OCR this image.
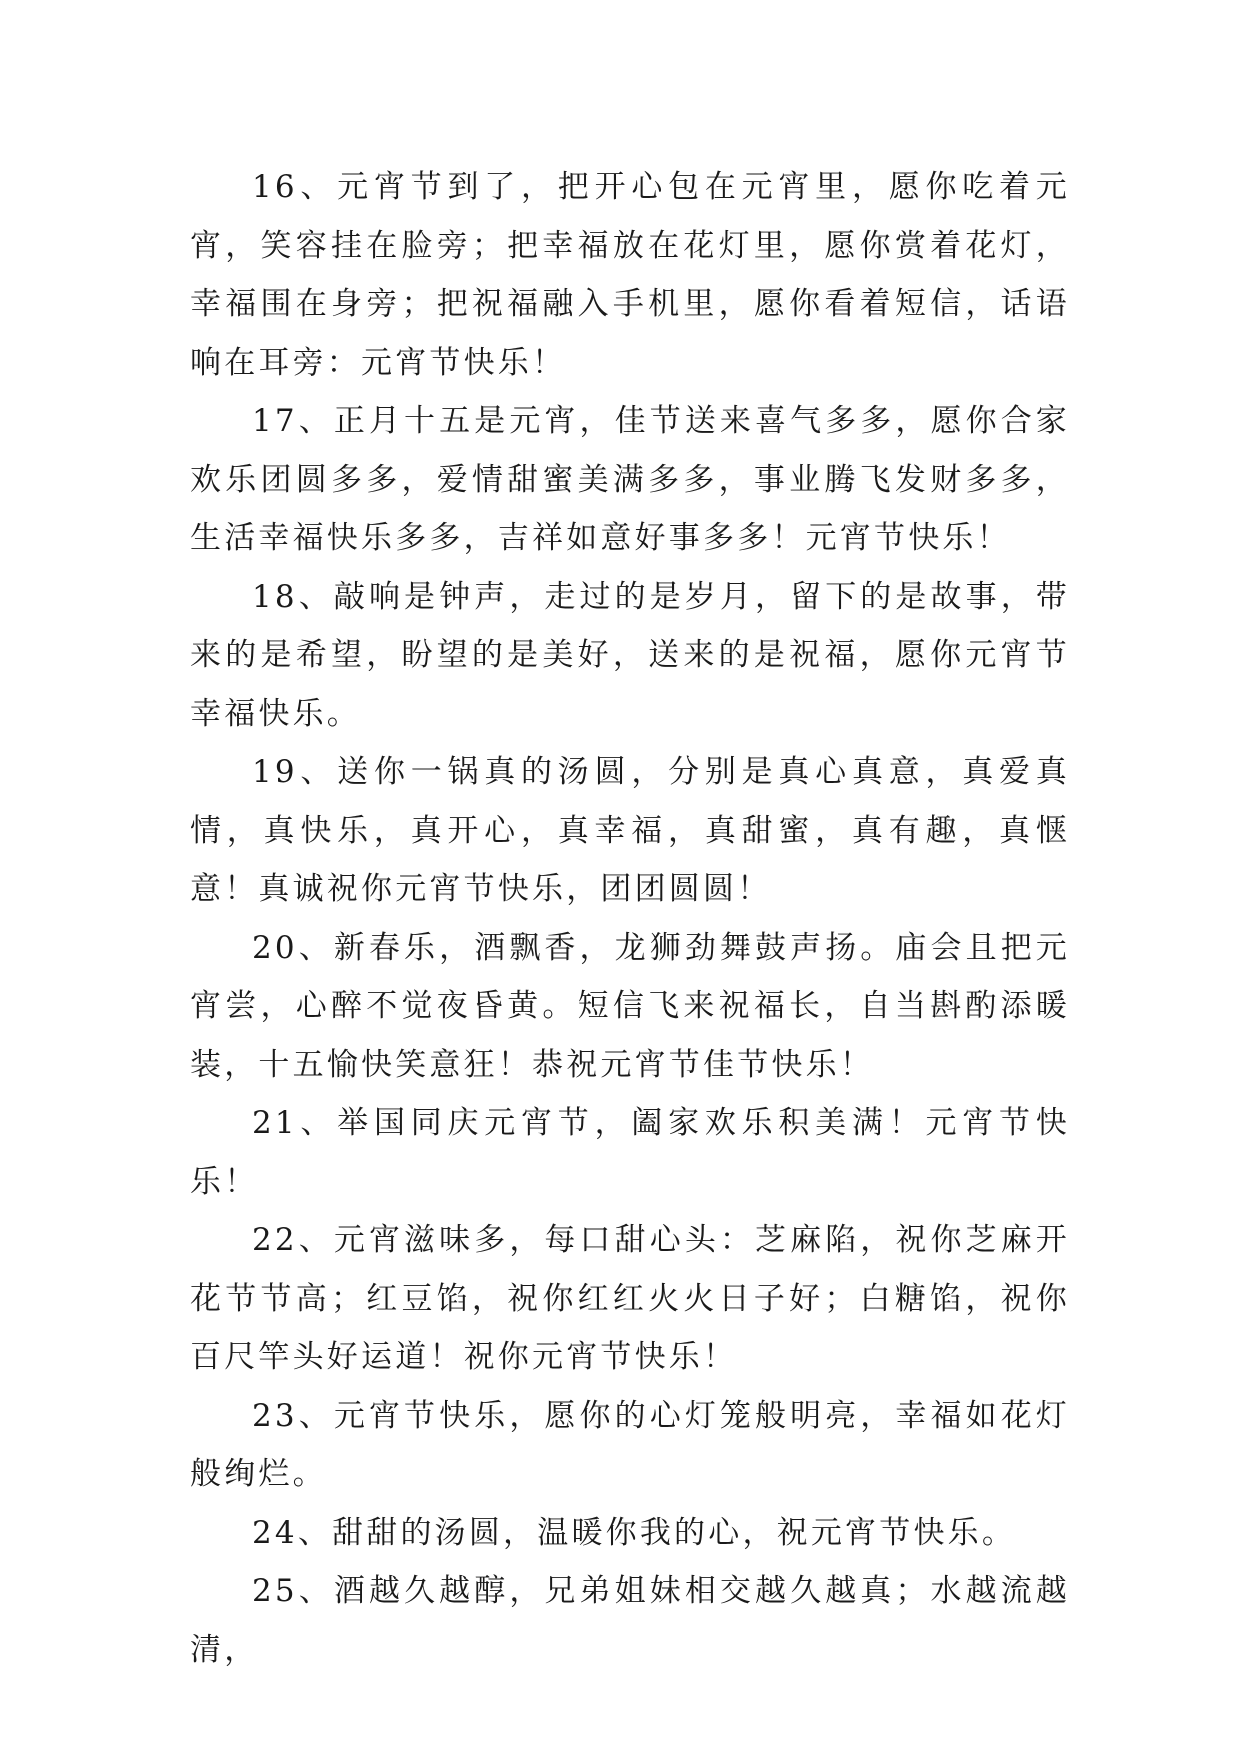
16、元宵节到了，把开心包在元宵里，愿你吃着元宵，笑容挂在脸旁；把幸福放在花灯里，愿你赏着花灯，幸福围在身旁；把祝福融入手机里，愿你看着短信，话语响在耳旁：元宵节快乐！

17、正月十五是元宵，佳节送来喜气多多，愿你合家欢乐团圆多多，爱情甜蜜美满多多，事业腾飞发财多多，生活幸福快乐多多，吉祥如意好事多多！元宵节快乐！

18、敲响是钟声，走过的是岁月，留下的是故事，带来的是希望，盼望的是美好，送来的是祝福，愿你元宵节幸福快乐。

19、送你一锅真的汤圆，分别是真心真意，真爱真情，真快乐，真开心，真幸福，真甜蜜，真有趣，真惬意！真诚祝你元宵节快乐，团团圆圆！

20、新春乐，酒飘香，龙狮劲舞鼓声扬。庙会且把元宵尝，心醉不觉夜昏黄。短信飞来祝福长，自当斟酌添暖装，十五愉快笑意狂！恭祝元宵节佳节快乐！

21、举国同庆元宵节，阖家欢乐积美满！元宵节快乐！

22、元宵滋味多，每口甜心头：芝麻陷，祝你芝麻开花节节高；红豆馅，祝你红红火火日子好；白糖馅，祝你百尺竿头好运道！祝你元宵节快乐！

23、元宵节快乐，愿你的心灯笼般明亮，幸福如花灯般绚烂。

24、甜甜的汤圆，温暖你我的心，祝元宵节快乐。

25、酒越久越醇，兄弟姐妹相交越久越真；水越流越清，
